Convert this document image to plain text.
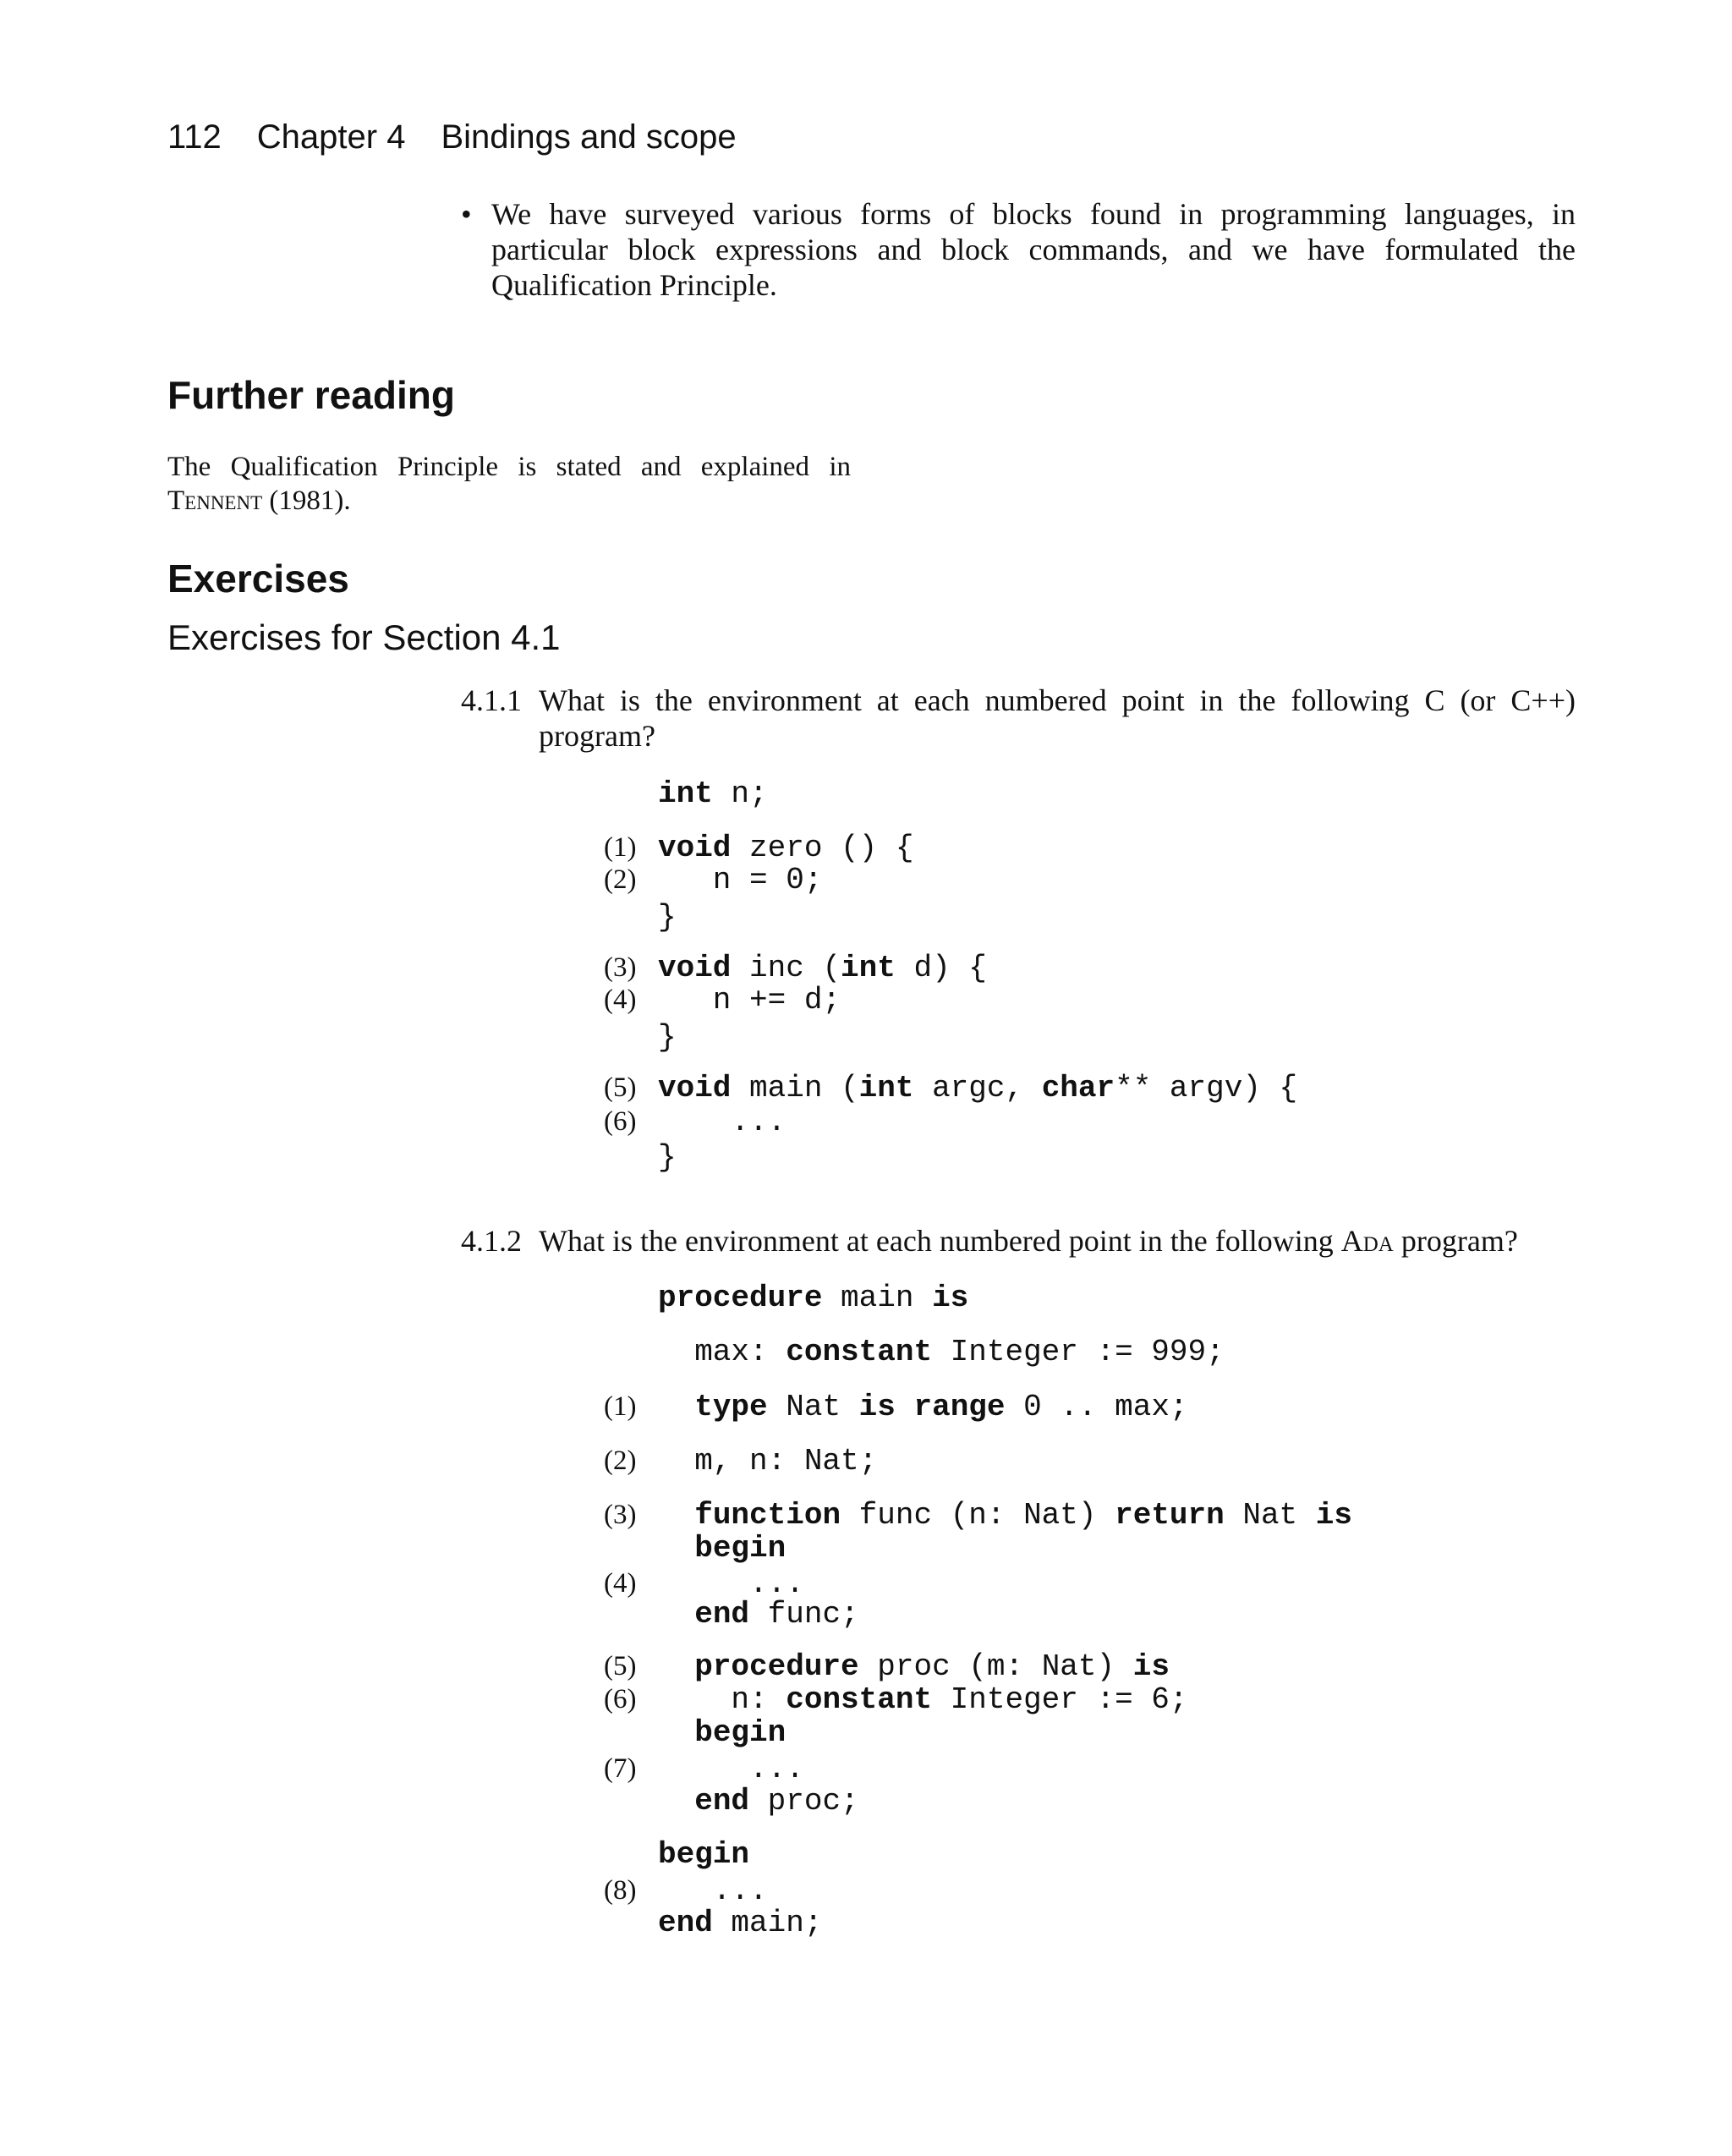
112 Chapter 4 Bindings and scope
• We have surveyed various forms of blocks found in programming languages, in particular block expressions and block commands, and we have formulated the Qualification Principle.
Further reading
The Qualification Principle is stated and explained in Tennent (1981).
Exercises
Exercises for Section 4.1
4.1.1 What is the environment at each numbered point in the following C (or C++) program?
int n;
(1) void zero () {
(2) n = 0;
}
(3) void inc (int d) {
(4) n += d;
}
(5) void main (int argc, char** argv) {
(6) ...
}
4.1.2 What is the environment at each numbered point in the following Ada program?
procedure main is
max: constant Integer := 999;
(1)	type Nat is range 0 .. max;
(2) m, n: Nat;
(3)	function func (n: Nat) return Nat is
begin
(4) ...
end func;
(5)	procedure proc (m: Nat) is
(6) n: constant Integer := 6;
begin
(7) ...
end proc;
begin
(8) ...
end main;
